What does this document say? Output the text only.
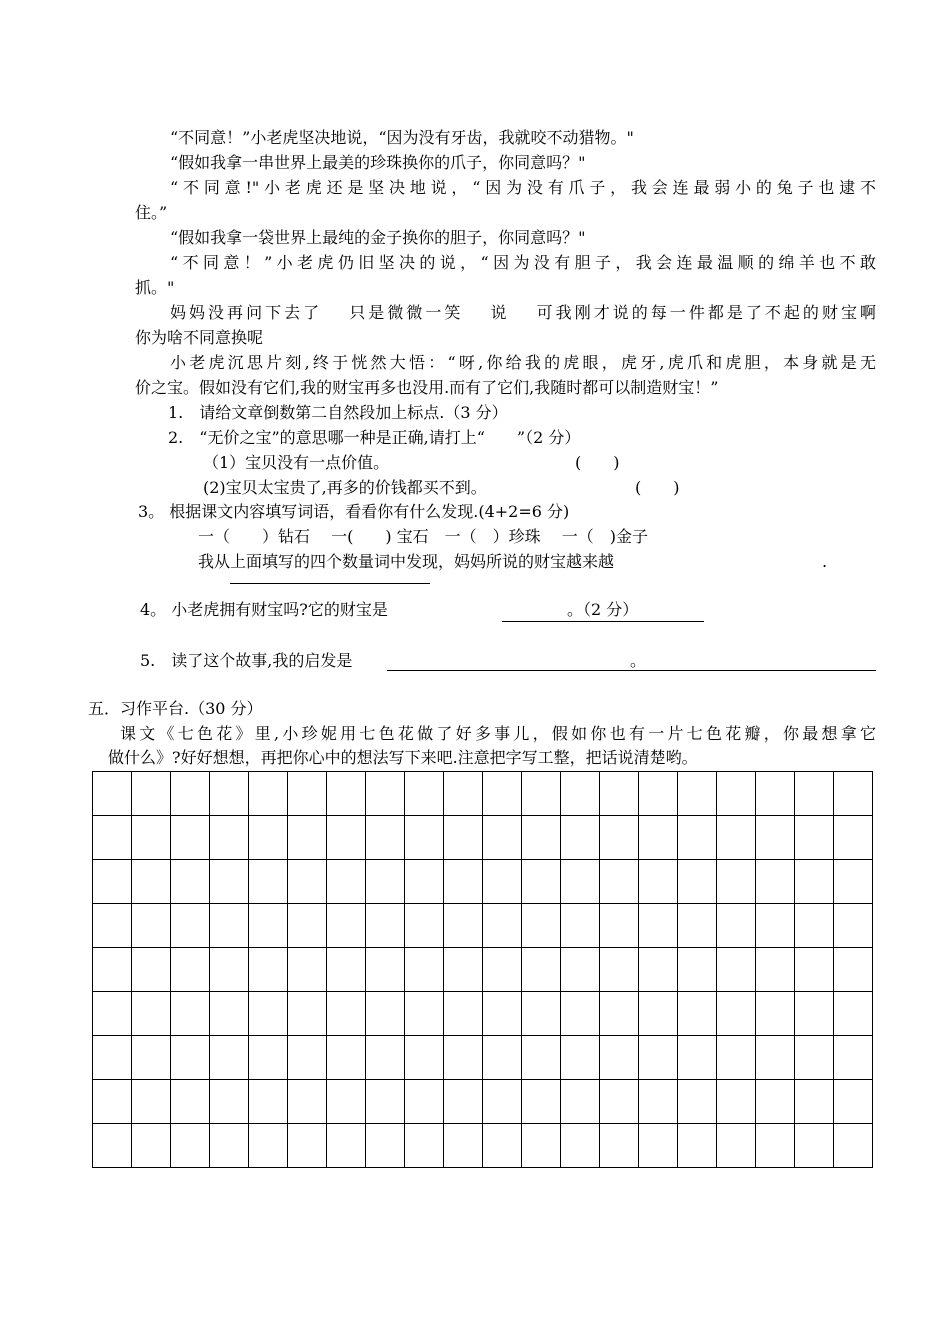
“不同意！”小老虎坚决地说，“因为没有牙齿，我就咬不动猎物。"
“假如我拿一串世界上最美的珍珠换你的爪子，你同意吗？"
“不同意!"小老虎还是坚决地说，“因为没有爪子，我会连最弱小的兔子也逮不
住。”
“假如我拿一袋世界上最纯的金子换你的胆子，你同意吗？"
“不同意！”小老虎仍旧坚决的说，“因为没有胆子，我会连最温顺的绵羊也不敢
抓。"
妈妈没再问下去了　 只是微微一笑　 说　 可我刚才说的每一件都是了不起的财宝啊
你为啥不同意换呢
小老虎沉思片刻,终于恍然大悟：“呀,你给我的虎眼，虎牙,虎爪和虎胆，本身就是无
价之宝。假如没有它们,我的财宝再多也没用.而有了它们,我随时都可以制造财宝！”
1.　请给文章倒数第二自然段加上标点.（3 分）
2.　“无价之宝”的意思哪一种是正确,请打上“　　”（2 分）
（1）宝贝没有一点价值。	(　　)
(2)宝贝太宝贵了,再多的价钱都买不到。	(　　)
3。 根据课文内容填写词语，看看你有什么发现.(4+2=6 分)
一（　　）钻石　 一(　　) 宝石　一（　）珍珠　 一（　)金子
我从上面填写的四个数量词中发现，妈妈所说的财宝越来越	.
4。 小老虎拥有财宝吗?它的财宝是	。（2 分）
5.　读了这个故事,我的启发是	。
五．习作平台.（30 分）
课文《七色花》里,小珍妮用七色花做了好多事儿，假如你也有一片七色花瓣，你最想拿它
做什么》?好好想想，再把你心中的想法写下来吧.注意把字写工整，把话说清楚哟。
